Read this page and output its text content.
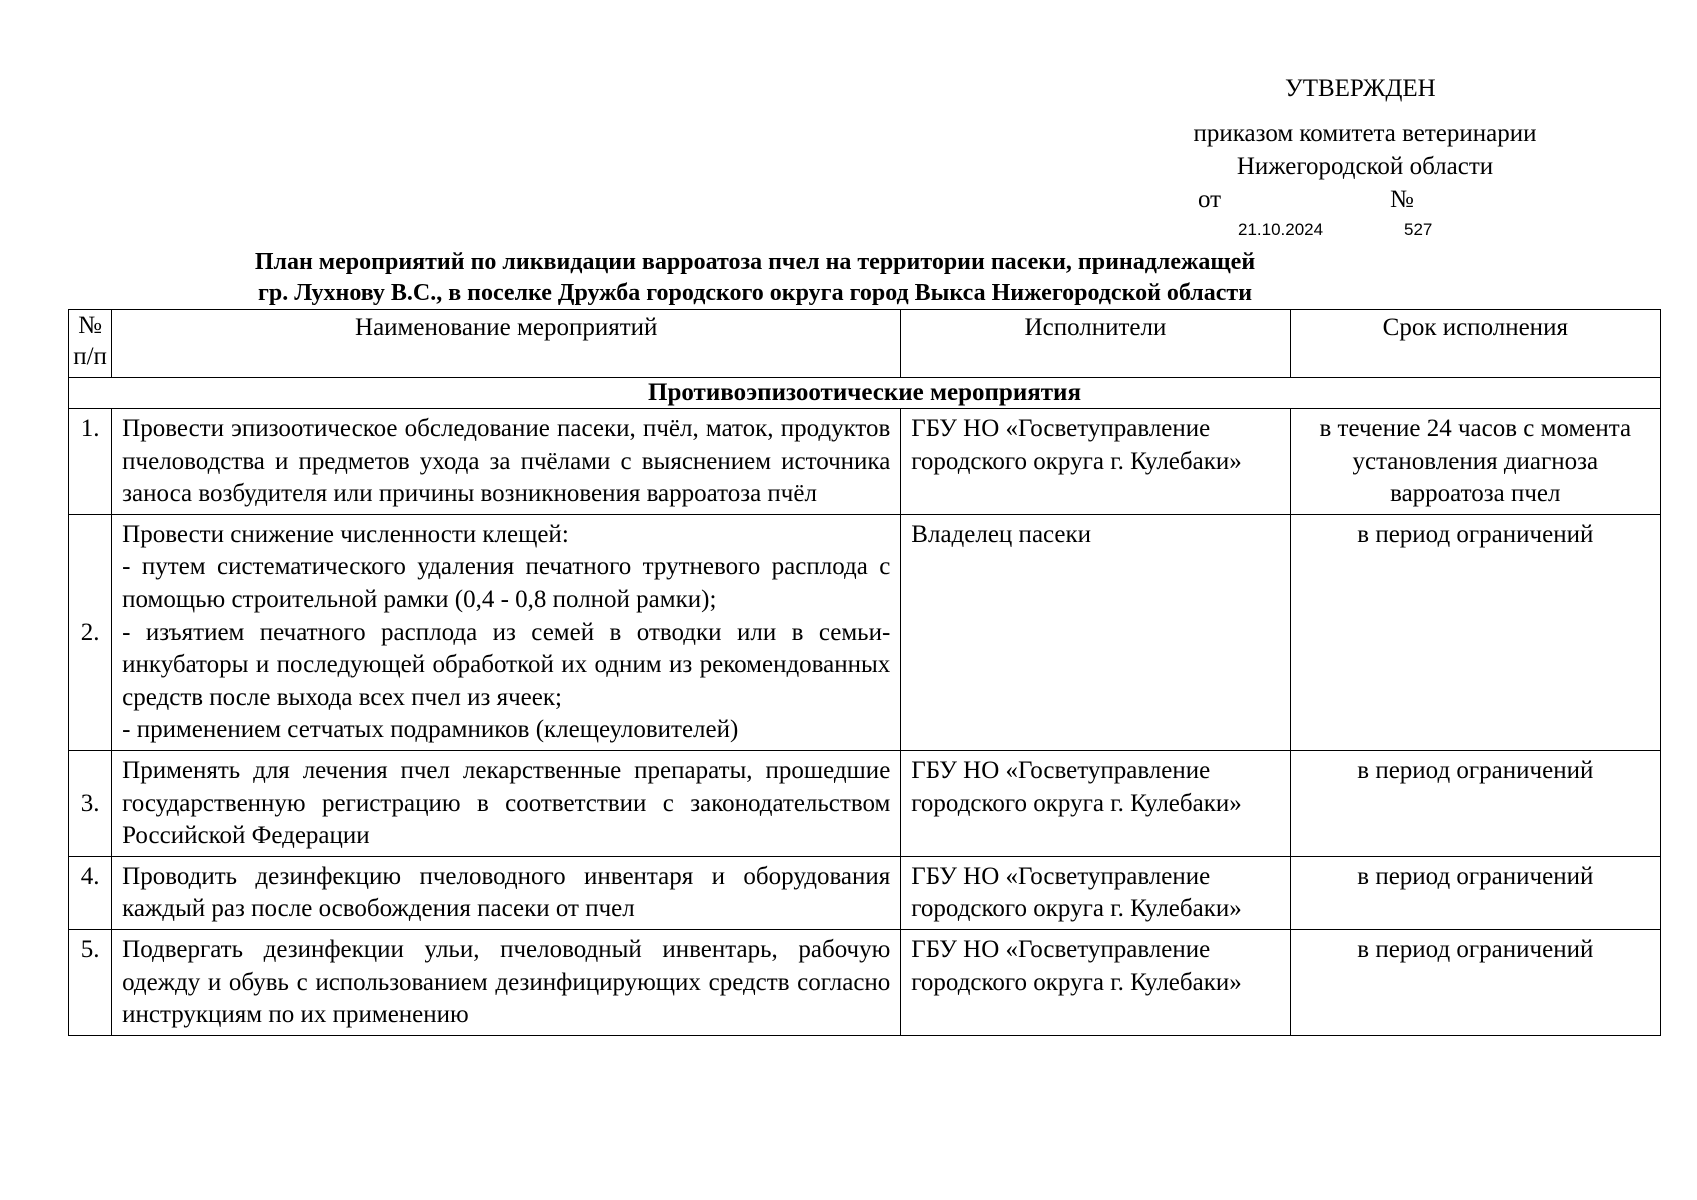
УТВЕРЖДЕН
приказом комитета ветеринарии
Нижегородской области
от	№
21.10.2024	527
План мероприятий по ликвидации варроатоза пчел на территории пасеки, принадлежащей
гр. Лухнову В.С., в поселке Дружба городского округа город Выкса Нижегородской области
№
п/п	Наименование мероприятий	Исполнители	Срок исполнения
Противоэпизоотические мероприятия			
1.	Провести эпизоотическое обследование пасеки, пчёл, маток, продуктов пчеловодства и предметов ухода за пчёлами с выяснением источника заноса возбудителя или причины возникновения варроатоза пчёл	ГБУ НО «Госветуправление городского округа г. Кулебаки»	в течение 24 часов с момента установления диагноза варроатоза пчел
2.	Провести снижение численности клещей:
- путем систематического удаления печатного трутневого расплода с помощью строительной рамки (0,4 - 0,8 полной рамки);
- изъятием печатного расплода из семей в отводки или в семьи-инкубаторы и последующей обработкой их одним из рекомендованных средств после выхода всех пчел из ячеек;
- применением сетчатых подрамников (клещеуловителей)	Владелец пасеки	в период ограничений
3.	Применять для лечения пчел лекарственные препараты, прошедшие государственную регистрацию в соответствии с законодательством Российской Федерации	ГБУ НО «Госветуправление городского округа г. Кулебаки»	в период ограничений
4.	Проводить дезинфекцию пчеловодного инвентаря и оборудования каждый раз после освобождения пасеки от пчел	ГБУ НО «Госветуправление городского округа г. Кулебаки»	в период ограничений
5.	Подвергать дезинфекции ульи, пчеловодный инвентарь, рабочую одежду и обувь с использованием дезинфицирующих средств согласно инструкциям по их применению	ГБУ НО «Госветуправление городского округа г. Кулебаки»	в период ограничений
